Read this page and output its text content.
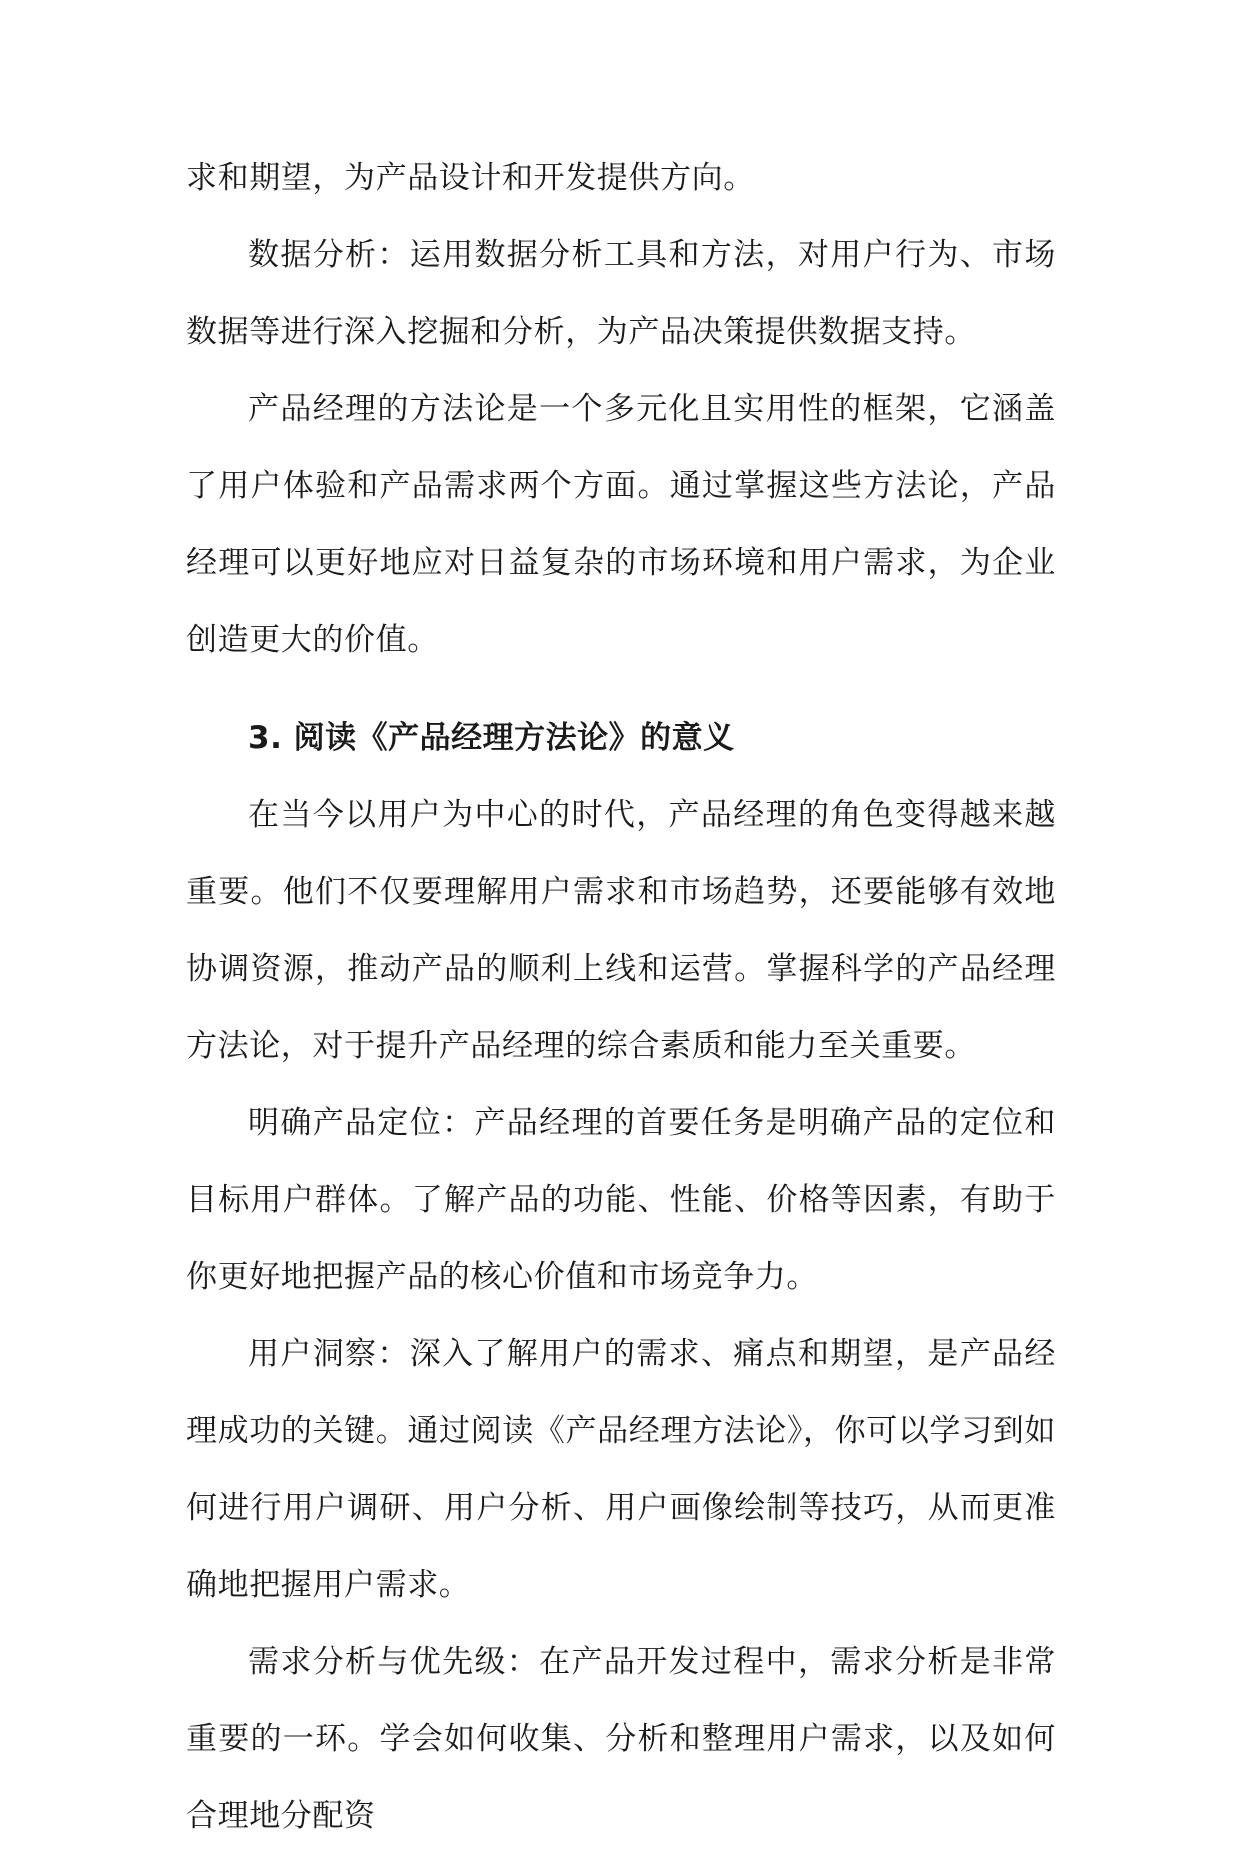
求和期望，为产品设计和开发提供方向。

数据分析：运用数据分析工具和方法，对用户行为、市场数据等进行深入挖掘和分析，为产品决策提供数据支持。

产品经理的方法论是一个多元化且实用性的框架，它涵盖了用户体验和产品需求两个方面。通过掌握这些方法论，产品经理可以更好地应对日益复杂的市场环境和用户需求，为企业创造更大的价值。

3. 阅读《产品经理方法论》的意义

在当今以用户为中心的时代，产品经理的角色变得越来越重要。他们不仅要理解用户需求和市场趋势，还要能够有效地协调资源，推动产品的顺利上线和运营。掌握科学的产品经理方法论，对于提升产品经理的综合素质和能力至关重要。

明确产品定位：产品经理的首要任务是明确产品的定位和目标用户群体。了解产品的功能、性能、价格等因素，有助于你更好地把握产品的核心价值和市场竞争力。

用户洞察：深入了解用户的需求、痛点和期望，是产品经理成功的关键。通过阅读《产品经理方法论》，你可以学习到如何进行用户调研、用户分析、用户画像绘制等技巧，从而更准确地把握用户需求。

需求分析与优先级：在产品开发过程中，需求分析是非常重要的一环。学会如何收集、分析和整理用户需求，以及如何合理地分配资
